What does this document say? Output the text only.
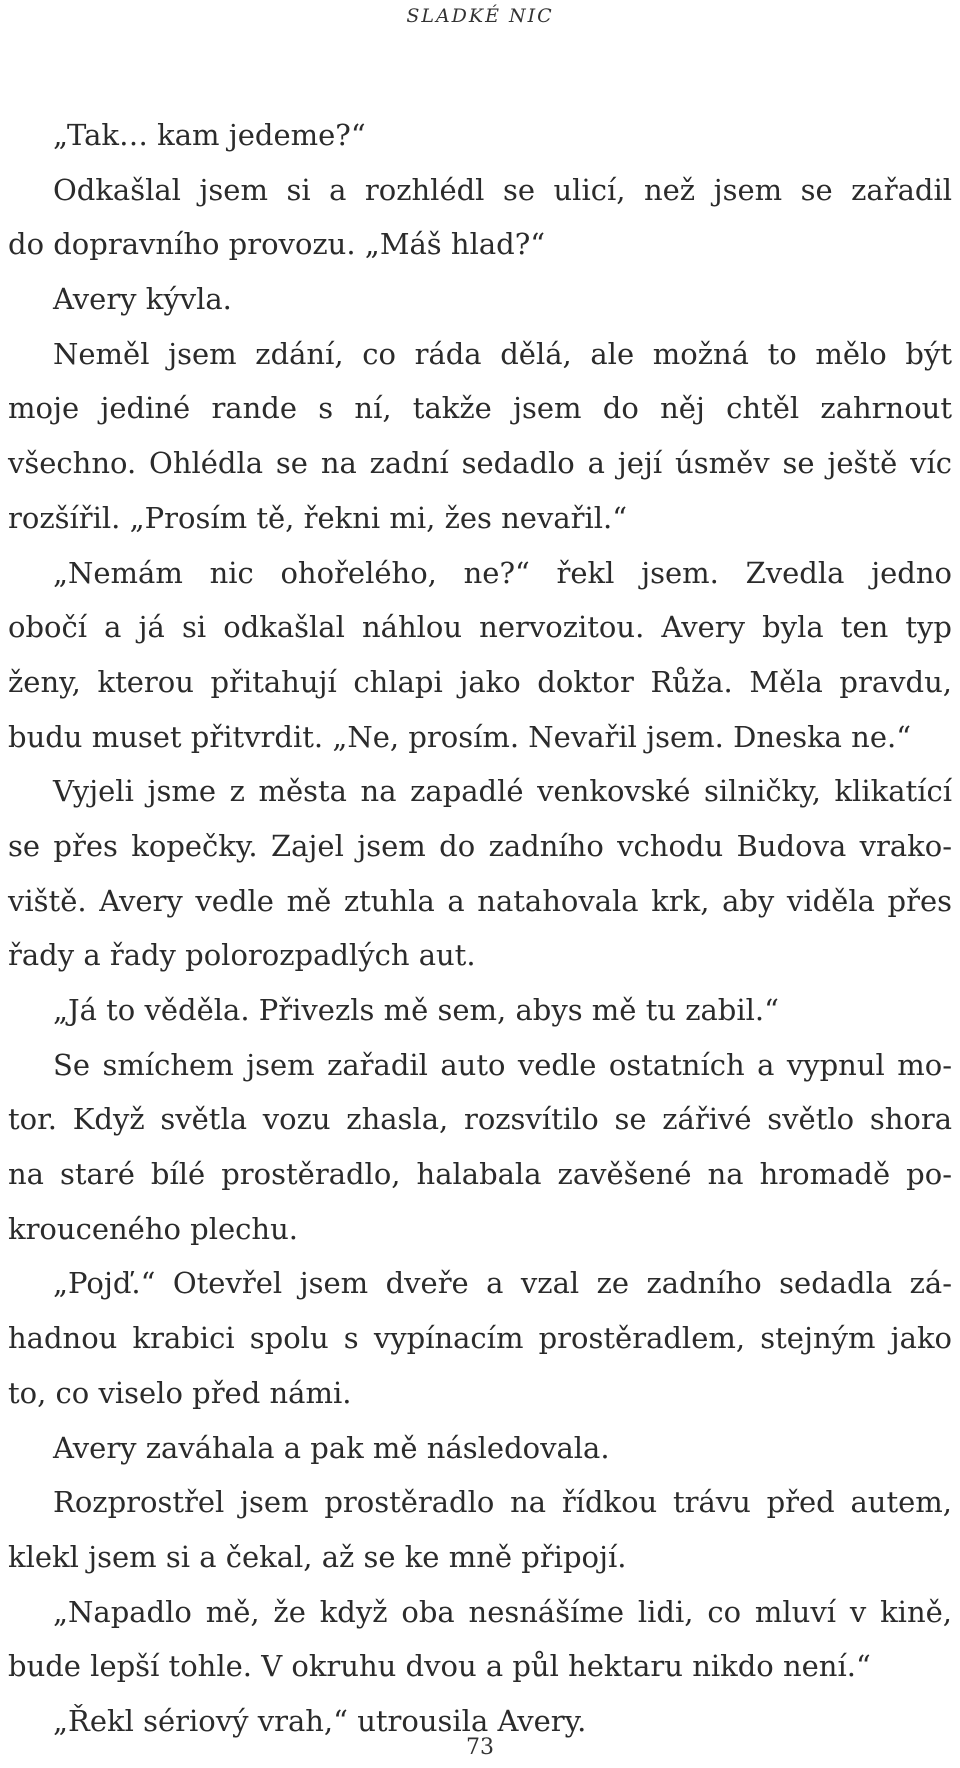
SLADKÉ NIC
„Tak… kam jedeme?“
Odkašlal jsem si a rozhlédl se ulicí, než jsem se zařadil
do dopravního provozu. „Máš hlad?“
Avery kývla.
Neměl jsem zdání, co ráda dělá, ale možná to mělo být
moje jediné rande s ní, takže jsem do něj chtěl zahrnout
všechno. Ohlédla se na zadní sedadlo a její úsměv se ještě víc
rozšířil. „Prosím tě, řekni mi, žes nevařil.“
„Nemám nic ohořelého, ne?“ řekl jsem. Zvedla jedno
obočí a já si odkašlal náhlou nervozitou. Avery byla ten typ
ženy, kterou přitahují chlapi jako doktor Růža. Měla pravdu,
budu muset přitvrdit. „Ne, prosím. Nevařil jsem. Dneska ne.“
Vyjeli jsme z města na zapadlé venkovské silničky, klikatící
se přes kopečky. Zajel jsem do zadního vchodu Budova vrako-
viště. Avery vedle mě ztuhla a natahovala krk, aby viděla přes
řady a řady polorozpadlých aut.
„Já to věděla. Přivezls mě sem, abys mě tu zabil.“
Se smíchem jsem zařadil auto vedle ostatních a vypnul mo-
tor. Když světla vozu zhasla, rozsvítilo se zářivé světlo shora
na staré bílé prostěradlo, halabala zavěšené na hromadě po-
krouceného plechu.
„Pojď.“ Otevřel jsem dveře a vzal ze zadního sedadla zá-
hadnou krabici spolu s vypínacím prostěradlem, stejným jako
to, co viselo před námi.
Avery zaváhala a pak mě následovala.
Rozprostřel jsem prostěradlo na řídkou trávu před autem,
klekl jsem si a čekal, až se ke mně připojí.
„Napadlo mě, že když oba nesnášíme lidi, co mluví v kině,
bude lepší tohle. V okruhu dvou a půl hektaru nikdo není.“
„Řekl sériový vrah,“ utrousila Avery.
73
